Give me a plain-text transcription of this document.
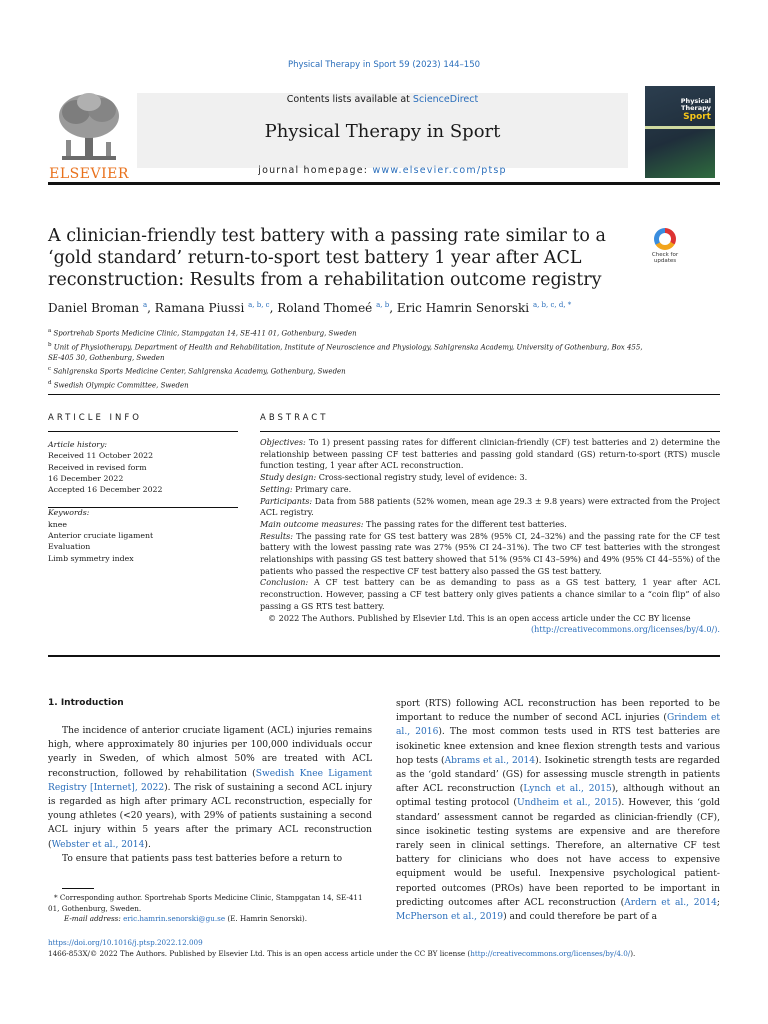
Physical Therapy in Sport 59 (2023) 144–150
ELSEVIER
Contents lists available at ScienceDirect
Physical Therapy in Sport
journal homepage: www.elsevier.com/ptsp
Physical
Therapy
Sport
A clinician-friendly test battery with a passing rate similar to a ‘gold standard’ return-to-sport test battery 1 year after ACL reconstruction: Results from a rehabilitation outcome registry
Check for updates
Daniel Broman $^a$, Ramana Piussi $^{a, b, c}$, Roland Thomeé $^{a, b}$, Eric Hamrin Senorski $^{a, b, c, d, *}$
$^a$ Sportrehab Sports Medicine Clinic, Stampgatan 14, SE-411 01, Gothenburg, Sweden
$^b$ Unit of Physiotherapy, Department of Health and Rehabilitation, Institute of Neuroscience and Physiology, Sahlgrenska Academy, University of Gothenburg, Box 455, SE-405 30, Gothenburg, Sweden
$^c$ Sahlgrenska Sports Medicine Center, Sahlgrenska Academy, Gothenburg, Sweden
$^d$ Swedish Olympic Committee, Sweden
ARTICLE INFO	ABSTRACT
Article history:
Received 11 October 2022
Received in revised form
16 December 2022
Accepted 16 December 2022
Keywords:
knee
Anterior cruciate ligament
Evaluation
Limb symmetry index

Objectives: To 1) present passing rates for different clinician-friendly (CF) test batteries and 2) determine the relationship between passing CF test batteries and passing gold standard (GS) return-to-sport (RTS) muscle function testing, 1 year after ACL reconstruction.

Study design: Cross-sectional registry study, level of evidence: 3.

Setting: Primary care.

Participants: Data from 588 patients (52% women, mean age 29.3 ± 9.8 years) were extracted from the Project ACL registry.

Main outcome measures: The passing rates for the different test batteries.

Results: The passing rate for GS test battery was 28% (95% CI, 24–32%) and the passing rate for the CF test battery with the lowest passing rate was 27% (95% CI 24–31%). The two CF test batteries with the strongest relationships with passing GS test battery showed that 51% (95% CI 43–59%) and 49% (95% CI 44–55%) of the patients who passed the respective CF test battery also passed the GS test battery.

Conclusion: A CF test battery can be as demanding to pass as a GS test battery, 1 year after ACL reconstruction. However, passing a CF test battery only gives patients a chance similar to a “coin flip” of also passing a GS RTS test battery.

© 2022 The Authors. Published by Elsevier Ltd. This is an open access article under the CC BY license

(http://creativecommons.org/licenses/by/4.0/).

1. Introduction

The incidence of anterior cruciate ligament (ACL) injuries remains high, where approximately 80 injuries per 100,000 individuals occur yearly in Sweden, of which almost 50% are treated with ACL reconstruction, followed by rehabilitation (Swedish Knee Ligament Registry [Internet], 2022). The risk of sustaining a second ACL injury is regarded as high after primary ACL reconstruction, especially for young athletes (<20 years), with 29% of patients sustaining a second ACL injury within 5 years after the primary ACL reconstruction (Webster et al., 2014).

To ensure that patients pass test batteries before a return to

sport (RTS) following ACL reconstruction has been reported to be important to reduce the number of second ACL injuries (Grindem et al., 2016). The most common tests used in RTS test batteries are isokinetic knee extension and knee flexion strength tests and various hop tests (Abrams et al., 2014). Isokinetic strength tests are regarded as the ‘gold standard’ (GS) for assessing muscle strength in patients after ACL reconstruction (Lynch et al., 2015), although without an optimal testing protocol (Undheim et al., 2015). However, this ‘gold standard’ assessment cannot be regarded as clinician-friendly (CF), since isokinetic testing systems are expensive and are therefore rarely seen in clinical settings. Therefore, an alternative CF test battery for clinicians who does not have access to expensive equipment would be useful. Inexpensive psychological patient-reported outcomes (PROs) have been reported to be important in predicting outcomes after ACL reconstruction (Ardern et al., 2014; McPherson et al., 2019) and could therefore be part of a

* Corresponding author. Sportrehab Sports Medicine Clinic, Stampgatan 14, SE-411 01, Gothenburg, Sweden.
E-mail address: eric.hamrin.senorski@gu.se (E. Hamrin Senorski).
https://doi.org/10.1016/j.ptsp.2022.12.009
1466-853X/© 2022 The Authors. Published by Elsevier Ltd. This is an open access article under the CC BY license (http://creativecommons.org/licenses/by/4.0/).
